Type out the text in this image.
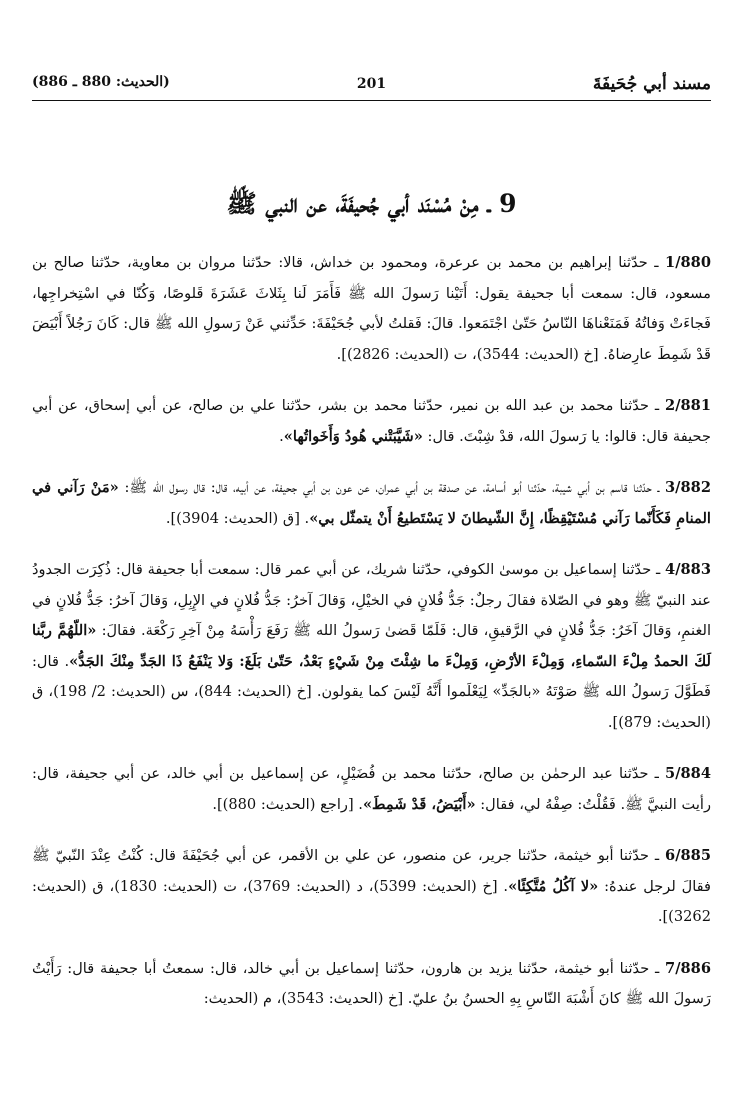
مسند أبي جُحَيفَةَ
201
(الحديث: 880 ـ 886)
9 ـ مِنْ مُسْنَد أبي جُحيفَةَ، عن النبي ﷺ

1/880 ـ حدّثنا إبراهيم بن محمد بن عرعرة، ومحمود بن خداش، قالا: حدّثنا مروان بن معاوية، حدّثنا صالح بن مسعود، قال: سمعت أبا جحيفة يقول: أَتَيْنا رَسولَ الله ﷺ فَأَمَرَ لَنا بِثَلاثَ عَشَرَةَ قَلوصًا، وَكُنّا في اسْتِخراجِها، فَجاءَتْ وَفاتُهُ فَمَنَعْناهَا النّاسُ حَتّىٰ اجْتَمَعوا. قالَ: فَقلتُ لأبي جُحَيْفَةَ: حَدِّثني عَنْ رَسولِ الله ﷺ قال: كَانَ رَجُلاً أَبْيَضَ قَدْ شَمِطَ عارِضاهُ. [خ (الحديث: 3544)، ت (الحديث: 2826)].

2/881 ـ حدّثنا محمد بن عبد الله بن نمير، حدّثنا محمد بن بشر، حدّثنا علي بن صالح، عن أبي إسحاق، عن أبي جحيفة قال: قالوا: يا رَسولَ الله، قدْ شِبْتَ. قال: «شَيَّبَتْني هُودُ وَأَخَواتُها».

3/882 ـ حدّثنا قاسم بن أبي شيبة، حدّثنا أبو أسامة، عن صدقة بن أبي عمران، عن عون بن أبي جحيفة، عن أبيه، قال: قال رسول الله ﷺ: «مَنْ رَآني في المنامِ فَكَأَنّما رَآني مُسْتَيْقِظًا، إِنَّ الشّيطانَ لا يَسْتَطيعُ أَنْ يتمثّل بي». [ق (الحديث: 3904)].

4/883 ـ حدّثنا إسماعيل بن موسىٰ الكوفي، حدّثنا شريك، عن أبي عمر قال: سمعت أبا جحيفة قال: ذُكِرَت الجدودُ عند النبيّ ﷺ وهو في الصّلاة فقالَ رجلٌ: جَدُّ فُلانٍ في الخيْلِ، وَقالَ آخرُ: جَدُّ فُلانٍ في الإِبِلِ، وَقالَ آخرُ: جَدُّ فُلانٍ في الغنمِ، وَقالَ آخَرُ: جَدُّ فُلانٍ في الرَّقيقِ، قال: فَلَمّا قَضىٰ رَسولُ الله ﷺ رَفَعَ رَأْسَهُ مِنْ آخِرِ رَكْعَة. فقالَ: «اللّهُمَّ ربَّنا لَكَ الحمدُ مِلْءَ السّماءِ، وَمِلْءَ الأرْضِ، وَمِلْءَ ما شِئْتَ مِنْ شَيْءٍ بَعْدُ، حَتّىٰ بَلَغَ: وَلا يَنْفَعُ ذَا الجَدِّ مِنْكَ الجَدُّ». قال: فَطَوَّلَ رَسولُ الله ﷺ صَوْتَهُ «بالجَدِّ» لِيَعْلَموا أَنَّهُ لَيْسَ كما يقولون. [خ (الحديث: 844)، س (الحديث: 2/ 198)، ق (الحديث: 879)].

5/884 ـ حدّثنا عبد الرحمٰن بن صالح، حدّثنا محمد بن فُضَيْلٍ، عن إسماعيل بن أبي خالد، عن أبي جحيفة، قال: رأيت النبيَّ ﷺ. فَقُلْتُ: صِفْهُ لي، فقال: «أَبْيَضُ، قَدْ شَمِطَ». [راجع (الحديث: 880)].

6/885 ـ حدّثنا أبو خيثمة، حدّثنا جرير، عن منصور، عن علي بن الأقمر، عن أبي جُحَيْفَةَ قال: كُنْتُ عِنْدَ النّبيّ ﷺ فقالَ لرجل عندهُ: «لا آكُلُ مُتَّكِئًا». [خ (الحديث: 5399)، د (الحديث: 3769)، ت (الحديث: 1830)، ق (الحديث: 3262)].

7/886 ـ حدّثنا أبو خيثمة، حدّثنا يزيد بن هارون، حدّثنا إسماعيل بن أبي خالد، قال: سمعتُ أبا جحيفة قال: رَأَيْتُ رَسولَ الله ﷺ كانَ أَشْبَهَ النّاسِ بِهِ الحسنُ بنُ عليّ. [خ (الحديث: 3543)، م (الحديث:
